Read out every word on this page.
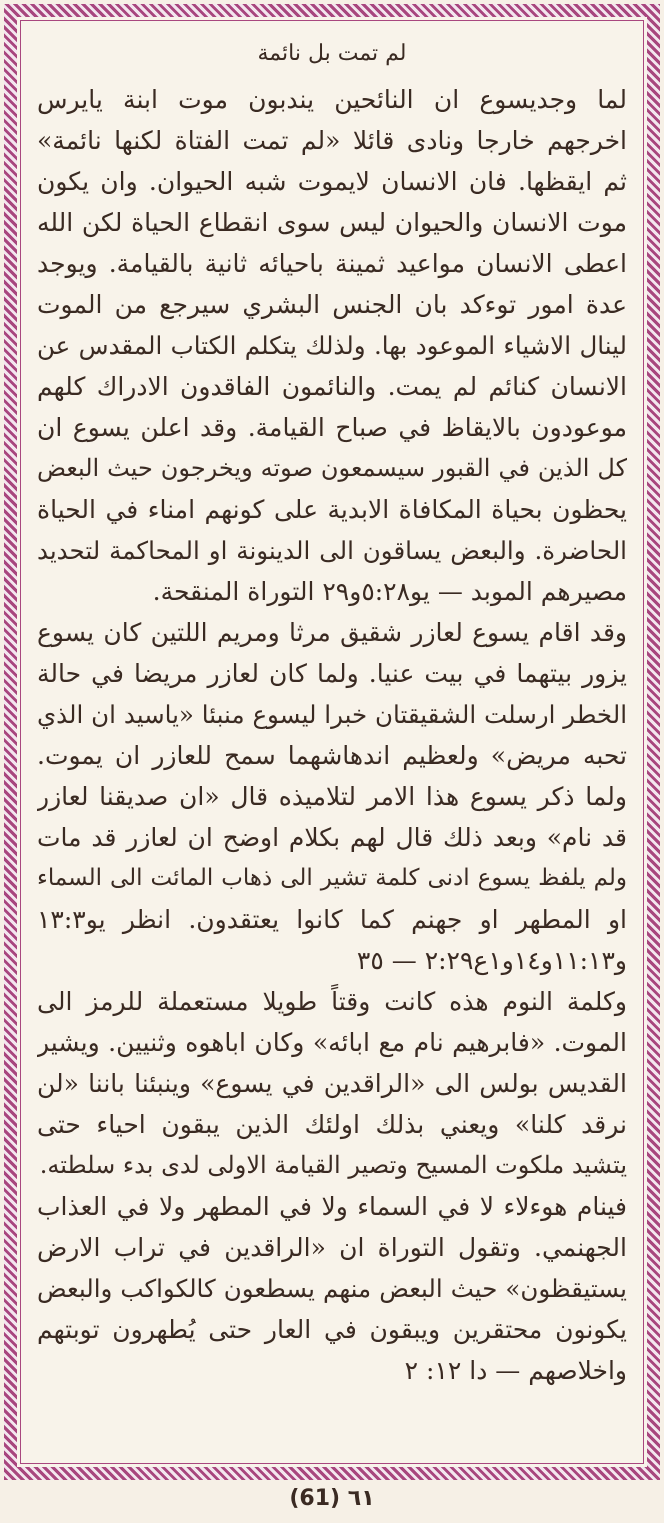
لم تمت بل نائمة
لما وجديسوع ان النائحين يندبون موت ابنة يايرس
اخرجهم خارجا ونادى قائلا «لم تمت الفتاة لكنها نائمة»
ثم ايقظها. فان الانسان لايموت شبه الحيوان. وان يكون
موت الانسان والحيوان ليس سوى انقطاع الحياة لكن الله
اعطى الانسان مواعيد ثمينة باحيائه ثانية بالقيامة. ويوجد
عدة امور توءكد بان الجنس البشري سيرجع من الموت
لينال الاشياء الموعود بها. ولذلك يتكلم الكتاب المقدس عن
الانسان كنائم لم يمت. والنائمون الفاقدون الادراك كلهم
موعودون بالايقاظ في صباح القيامة. وقد اعلن يسوع ان
كل الذين في القبور سيسمعون صوته ويخرجون حيث البعض
يحظون بحياة المكافاة الابدية على كونهم امناء في الحياة
الحاضرة. والبعض يساقون الى الدينونة او المحاكمة لتحديد
مصيرهم الموبد — يو٥:٢٨و٢٩ التوراة المنقحة.
وقد اقام يسوع لعازر شقيق مرثا ومريم اللتين كان يسوع
يزور بيتهما في بيت عنيا. ولما كان لعازر مريضا في حالة
الخطر ارسلت الشقيقتان خبرا ليسوع منبئا «ياسيد ان الذي
تحبه مريض» ولعظيم اندهاشهما سمح للعازر ان يموت.
ولما ذكر يسوع هذا الامر لتلاميذه قال «ان صديقنا لعازر
قد نام» وبعد ذلك قال لهم بكلام اوضح ان لعازر قد مات
ولم يلفظ يسوع ادنى كلمة تشير الى ذهاب المائت الى السماء
او المطهر او جهنم كما كانوا يعتقدون. انظر يو١٣:٣
و١١:١٣و١٤و١ع٢:٢٩ — ٣٥
وكلمة النوم هذه كانت وقتاً طويلا مستعملة للرمز الى
الموت. «فابرهيم نام مع ابائه» وكان اباهوه وثنيين. ويشير
القديس بولس الى «الراقدين في يسوع» وينبئنا باننا «لن
نرقد كلنا» ويعني بذلك اولئك الذين يبقون احياء حتى
يتشيد ملكوت المسيح وتصير القيامة الاولى لدى بدء سلطته.
فينام هوءلاء لا في السماء ولا في المطهر ولا في العذاب
الجهنمي. وتقول التوراة ان «الراقدين في تراب الارض
يستيقظون» حيث البعض منهم يسطعون كالكواكب والبعض
يكونون محتقرين ويبقون في العار حتى يُطهرون توبتهم
واخلاصهم — دا ١٢: ٢
(61) ٦١
